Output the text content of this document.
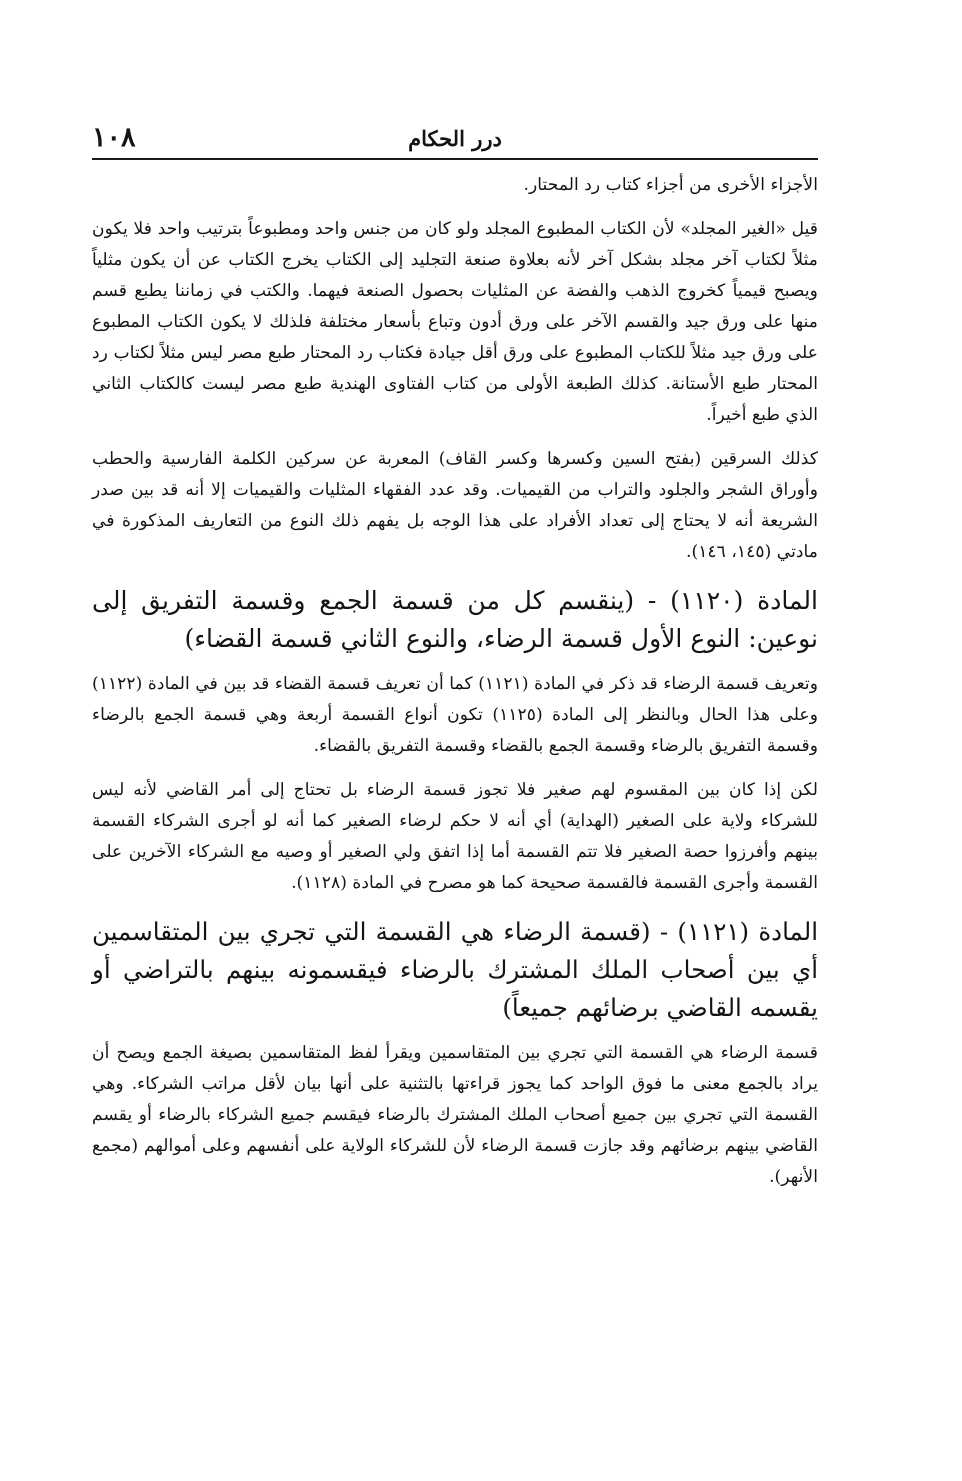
١٠٨	درر الحكام

الأجزاء الأخرى من أجزاء كتاب رد المحتار.

قيل «الغير المجلد» لأن الكتاب المطبوع المجلد ولو كان من جنس واحد ومطبوعاً بترتيب واحد فلا يكون مثلاً لكتاب آخر مجلد بشكل آخر لأنه بعلاوة صنعة التجليد إلى الكتاب يخرج الكتاب عن أن يكون مثلياً ويصبح قيمياً كخروج الذهب والفضة عن المثليات بحصول الصنعة فيهما. والكتب في زماننا يطبع قسم منها على ورق جيد والقسم الآخر على ورق أدون وتباع بأسعار مختلفة فلذلك لا يكون الكتاب المطبوع على ورق جيد مثلاً للكتاب المطبوع على ورق أقل جيادة فكتاب رد المحتار طبع مصر ليس مثلاً لكتاب رد المحتار طبع الأستانة. كذلك الطبعة الأولى من كتاب الفتاوى الهندية طبع مصر ليست كالكتاب الثاني الذي طبع أخيراً.

كذلك السرقين (بفتح السين وكسرها وكسر القاف) المعربة عن سركين الكلمة الفارسية والحطب وأوراق الشجر والجلود والتراب من القيميات. وقد عدد الفقهاء المثليات والقيميات إلا أنه قد بين صدر الشريعة أنه لا يحتاج إلى تعداد الأفراد على هذا الوجه بل يفهم ذلك النوع من التعاريف المذكورة في مادتي (١٤٥، ١٤٦).

المادة (١١٢٠) - (ينقسم كل من قسمة الجمع وقسمة التفريق إلى نوعين: النوع الأول قسمة الرضاء، والنوع الثاني قسمة القضاء)

وتعريف قسمة الرضاء قد ذكر في المادة (١١٢١) كما أن تعريف قسمة القضاء قد بين في المادة (١١٢٢) وعلى هذا الحال وبالنظر إلى المادة (١١٢٥) تكون أنواع القسمة أربعة وهي قسمة الجمع بالرضاء وقسمة التفريق بالرضاء وقسمة الجمع بالقضاء وقسمة التفريق بالقضاء.

لكن إذا كان بين المقسوم لهم صغير فلا تجوز قسمة الرضاء بل تحتاج إلى أمر القاضي لأنه ليس للشركاء ولاية على الصغير (الهداية) أي أنه لا حكم لرضاء الصغير كما أنه لو أجرى الشركاء القسمة بينهم وأفرزوا حصة الصغير فلا تتم القسمة أما إذا اتفق ولي الصغير أو وصيه مع الشركاء الآخرين على القسمة وأجرى القسمة فالقسمة صحيحة كما هو مصرح في المادة (١١٢٨).

المادة (١١٢١) - (قسمة الرضاء هي القسمة التي تجري بين المتقاسمين أي بين أصحاب الملك المشترك بالرضاء فيقسمونه بينهم بالتراضي أو يقسمه القاضي برضائهم جميعاً)

قسمة الرضاء هي القسمة التي تجري بين المتقاسمين ويقرأ لفظ المتقاسمين بصيغة الجمع ويصح أن يراد بالجمع معنى ما فوق الواحد كما يجوز قراءتها بالتثنية على أنها بيان لأقل مراتب الشركاء. وهي القسمة التي تجري بين جميع أصحاب الملك المشترك بالرضاء فيقسم جميع الشركاء بالرضاء أو يقسم القاضي بينهم برضائهم وقد جازت قسمة الرضاء لأن للشركاء الولاية على أنفسهم وعلى أموالهم (مجمع الأنهر).
